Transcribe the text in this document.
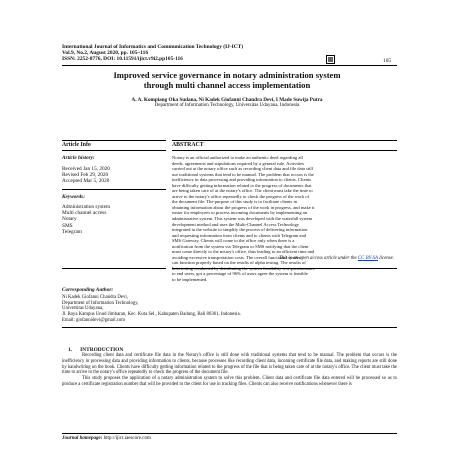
International Journal of Informatics and Communication Technology (IJ-ICT)
Vol.9, No.2, August 2020, pp. 105~116
ISSN: 2252-8776, DOI: 10.11591/ijict.v9i2.pp105-116	105
Improved service governance in notary administration system
through multi channel access implementation
A. A. Kompiang Oka Sudana, Ni Kadek Giofanni Chandra Devi, I Made Suwija Putra
Department of Information Technology, Universitas Udayana, Indonesia
Article Info	ABSTRACT
Article history:
Received Jan 15, 2020
Revised Feb 29, 2020
Accepted Mar 5, 2020
Keywords:
Administration system
Multi channel access
Notary
SMS
Telegram
Notary is an official authorized to make an authentic deed regarding all
deeds, agreements and stipulations required by a general rule. Activities
carried out at the notary office such as recording client data and file data still
use traditional systems that tend to be manual. The problem that occurs is the
inefficiency in data processing and providing information to clients. Clients
have difficulty getting information related to the progress of documents that
are being taken care of at the notary's office. The client must take the time to
arrive to the notary's office repeatedly to check the progress of the work of
the document file. The purpose of this study is to facilitate clients in
obtaining information about the progress of the work in progress, and make it
easier for employees to process incoming documents by implementing an
administrative system. This system was developed with the waterfall system
development method and uses the Multi-Channel Access Technology
integrated in the website to simplify the process of delivering information
and requesting information from clients and to clients with Telegram and
SMS Gateway. Clients will come to the office only when there is a
notification from the system via Telegram or SMS notifying that the client
must come directly to the notary's office, thus leading to an efficient time and
avoiding excessive transportation costs. The overall functional system
can function properly based on the results of alpha testing. The results of
beta testing conducted by distributing the system feasibility test questionnaire
to end users, got a percentage of 96% of users agree the system is feasible
to be implemented.
This is an open access article under the CC BY-SA license.
Corresponding Author:
Ni Kadek Giofanni Chandra Devi,
Department of Information Technology,
Universitas Udayana,
Jl. Raya Kampus Unud Jimbaran, Kec. Kuta Sel., Kabupaten Badung, Bali 80361, Indonesia.
Email: giofannidevi@gmail.com
1.      INTRODUCTION

Recording client data and certificate file data in the Notary's office is still done with traditional systems that tend to be manual. The problem that occurs is the inefficiency in processing data and providing information to clients, because processes like recording client data, incoming certificate file data, and making reports are still done by handwriting on the book. Clients have difficulty getting information related to the progress of the file that is being taken care of at the notary's office. The client must take the time to arrive to the notary's office repeatedly to check the progress of the document file.

This study proposes the application of a notary administration system to solve this problem. Client data and certificate file data entered will be processed so as to produce a certificate registration number that will be provided to the client for use in tracking files. Clients can also receive notifications whenever there is

Journal homepage: http://ijict.iaescore.com
